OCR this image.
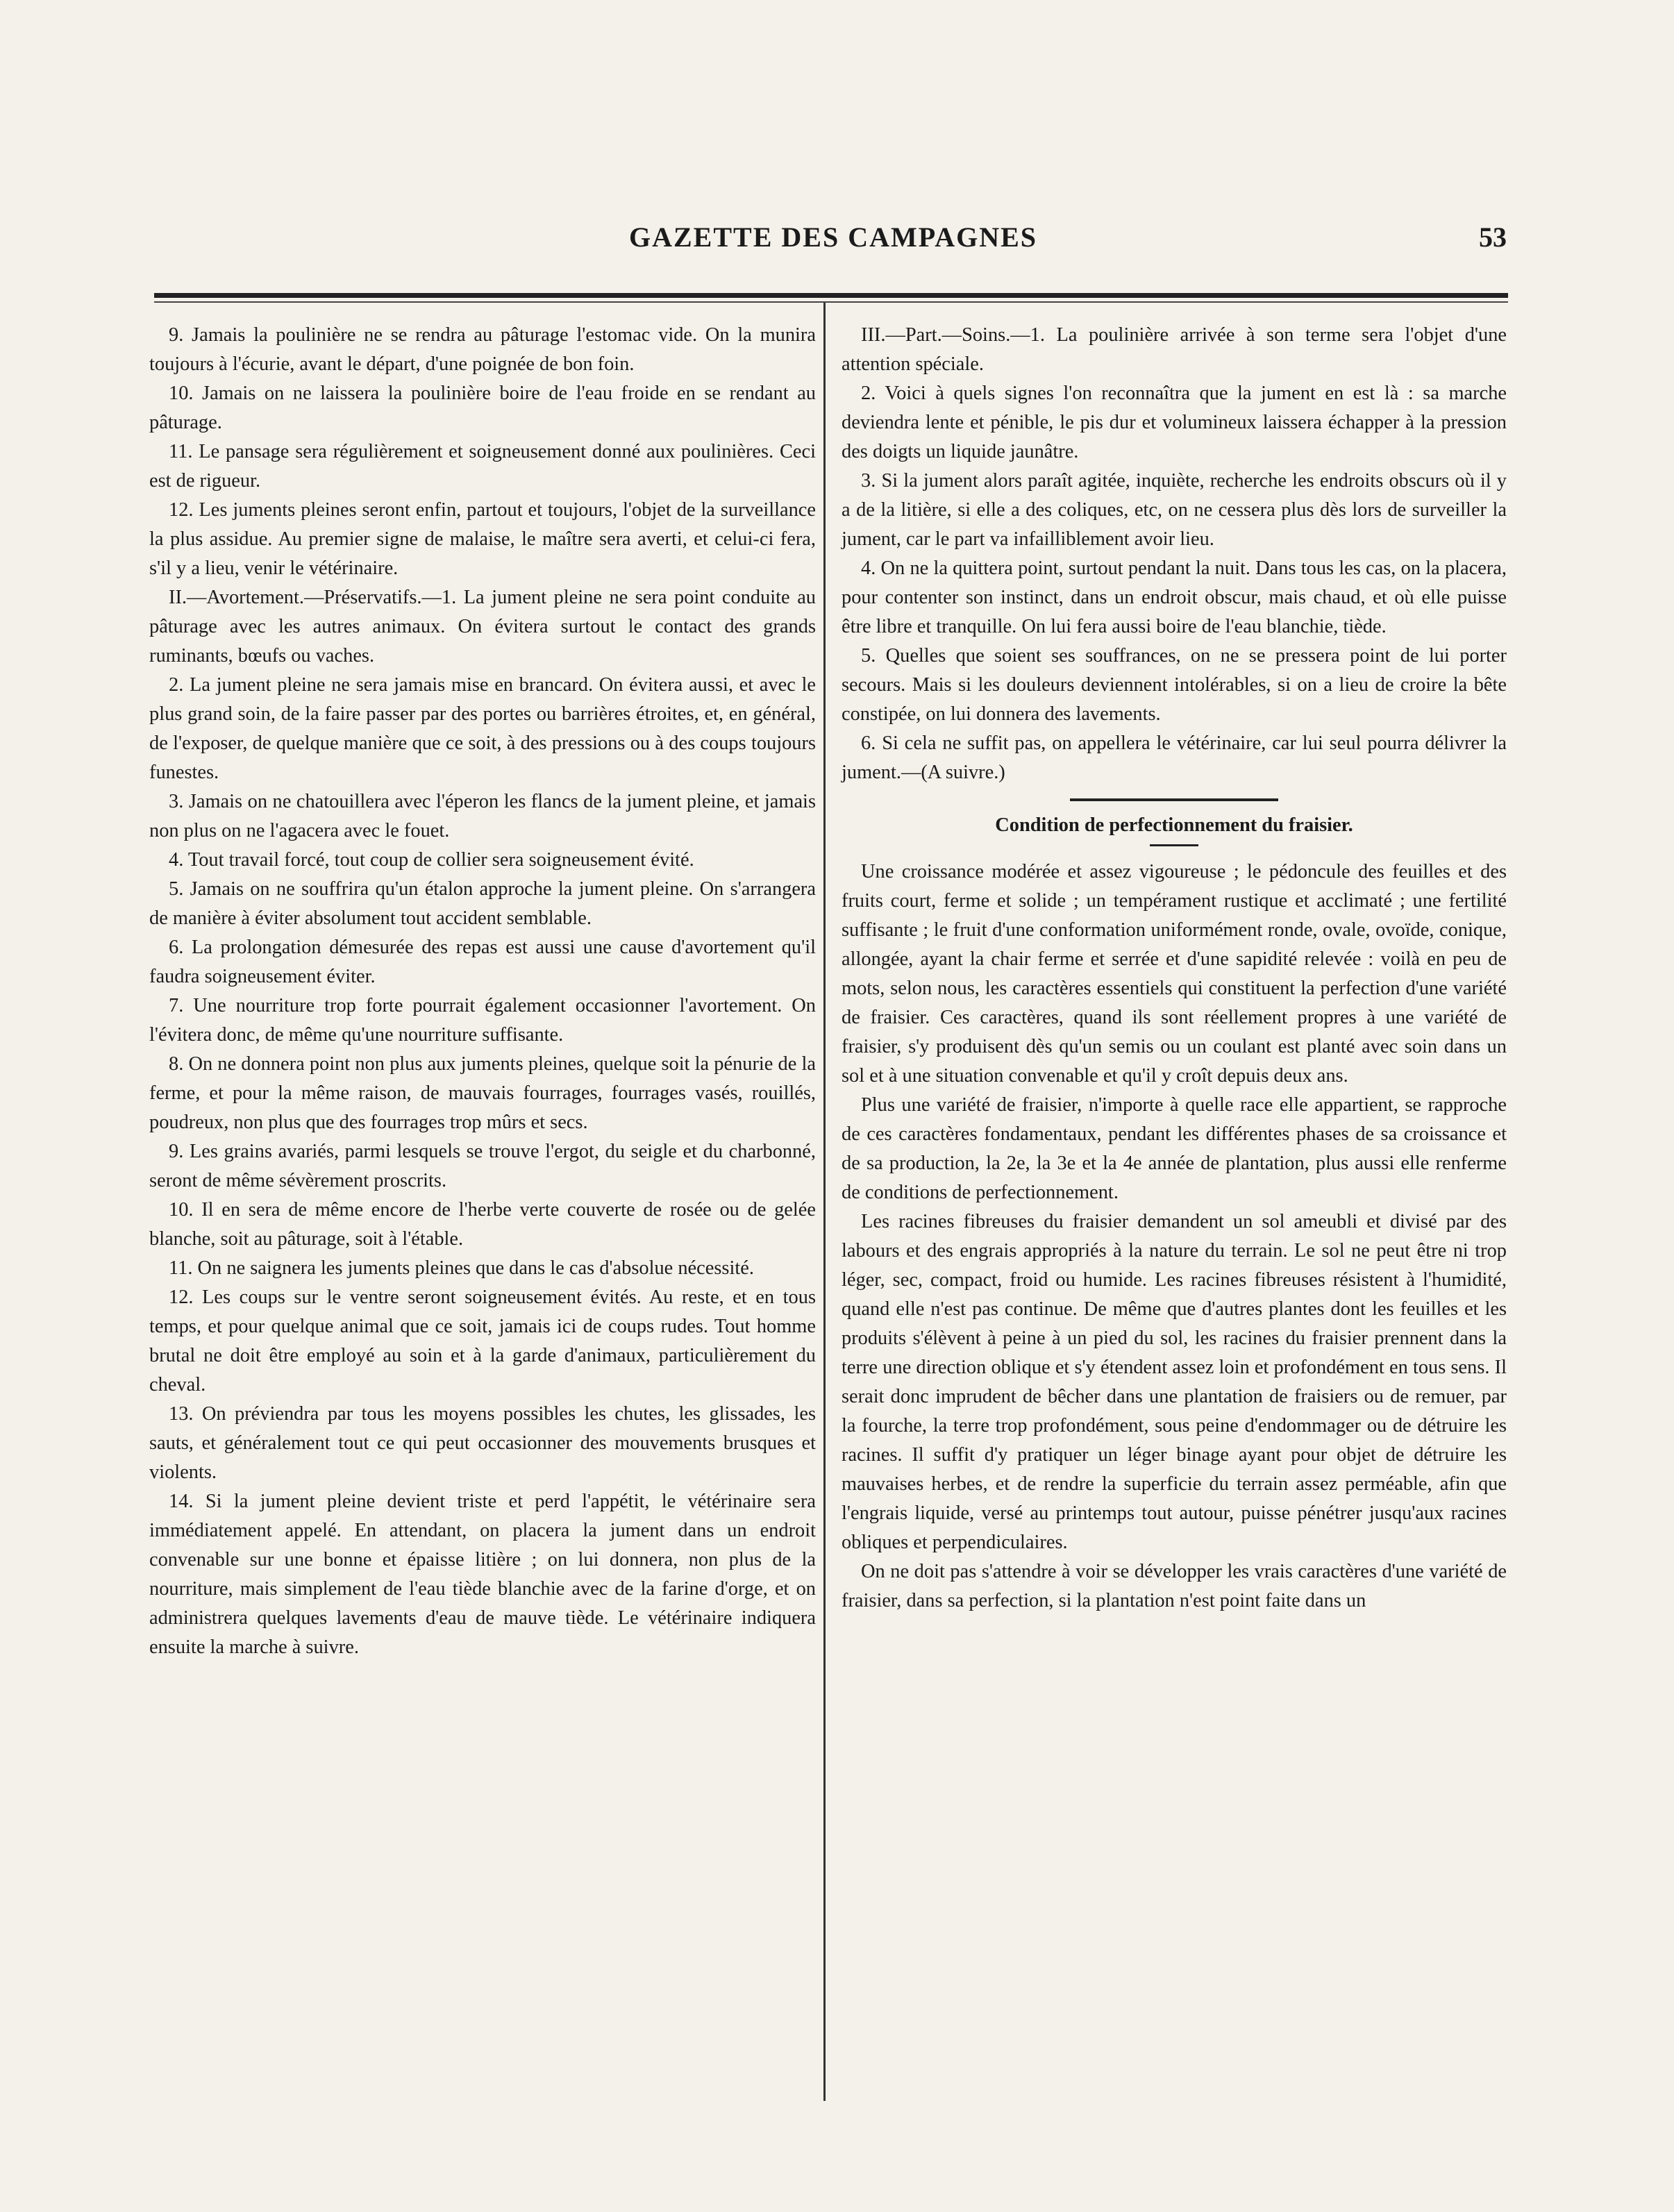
GAZETTE DES CAMPAGNES	53

9. Jamais la poulinière ne se rendra au pâturage l'estomac vide. On la munira toujours à l'écurie, avant le départ, d'une poignée de bon foin.

10. Jamais on ne laissera la poulinière boire de l'eau froide en se rendant au pâturage.

11. Le pansage sera régulièrement et soigneusement donné aux poulinières. Ceci est de rigueur.

12. Les juments pleines seront enfin, partout et toujours, l'objet de la surveillance la plus assidue. Au premier signe de malaise, le maître sera averti, et celui-ci fera, s'il y a lieu, venir le vétérinaire.

II.—Avortement.—Préservatifs.—1. La jument pleine ne sera point conduite au pâturage avec les autres animaux. On évitera surtout le contact des grands ruminants, bœufs ou vaches.

2. La jument pleine ne sera jamais mise en brancard. On évitera aussi, et avec le plus grand soin, de la faire passer par des portes ou barrières étroites, et, en général, de l'exposer, de quelque manière que ce soit, à des pressions ou à des coups toujours funestes.

3. Jamais on ne chatouillera avec l'éperon les flancs de la jument pleine, et jamais non plus on ne l'agacera avec le fouet.

4. Tout travail forcé, tout coup de collier sera soigneusement évité.

5. Jamais on ne souffrira qu'un étalon approche la jument pleine. On s'arrangera de manière à éviter absolument tout accident semblable.

6. La prolongation démesurée des repas est aussi une cause d'avortement qu'il faudra soigneusement éviter.

7. Une nourriture trop forte pourrait également occasionner l'avortement. On l'évitera donc, de même qu'une nourriture suffisante.

8. On ne donnera point non plus aux juments pleines, quelque soit la pénurie de la ferme, et pour la même raison, de mauvais fourrages, fourrages vasés, rouillés, poudreux, non plus que des fourrages trop mûrs et secs.

9. Les grains avariés, parmi lesquels se trouve l'ergot, du seigle et du charbonné, seront de même sévèrement proscrits.

10. Il en sera de même encore de l'herbe verte couverte de rosée ou de gelée blanche, soit au pâturage, soit à l'étable.

11. On ne saignera les juments pleines que dans le cas d'absolue nécessité.

12. Les coups sur le ventre seront soigneusement évités. Au reste, et en tous temps, et pour quelque animal que ce soit, jamais ici de coups rudes. Tout homme brutal ne doit être employé au soin et à la garde d'animaux, particulièrement du cheval.

13. On préviendra par tous les moyens possibles les chutes, les glissades, les sauts, et généralement tout ce qui peut occasionner des mouvements brusques et violents.

14. Si la jument pleine devient triste et perd l'appétit, le vétérinaire sera immédiatement appelé. En attendant, on placera la jument dans un endroit convenable sur une bonne et épaisse litière ; on lui donnera, non plus de la nourriture, mais simplement de l'eau tiède blanchie avec de la farine d'orge, et on administrera quelques lavements d'eau de mauve tiède. Le vétérinaire indiquera ensuite la marche à suivre.

III.—Part.—Soins.—1. La poulinière arrivée à son terme sera l'objet d'une attention spéciale.

2. Voici à quels signes l'on reconnaîtra que la jument en est là : sa marche deviendra lente et pénible, le pis dur et volumineux laissera échapper à la pression des doigts un liquide jaunâtre.

3. Si la jument alors paraît agitée, inquiète, recherche les endroits obscurs où il y a de la litière, si elle a des coliques, etc, on ne cessera plus dès lors de surveiller la jument, car le part va infailliblement avoir lieu.

4. On ne la quittera point, surtout pendant la nuit. Dans tous les cas, on la placera, pour contenter son instinct, dans un endroit obscur, mais chaud, et où elle puisse être libre et tranquille. On lui fera aussi boire de l'eau blanchie, tiède.

5. Quelles que soient ses souffrances, on ne se pressera point de lui porter secours. Mais si les douleurs deviennent intolérables, si on a lieu de croire la bête constipée, on lui donnera des lavements.

6. Si cela ne suffit pas, on appellera le vétérinaire, car lui seul pourra délivrer la jument.—(A suivre.)

Condition de perfectionnement du fraisier.

Une croissance modérée et assez vigoureuse ; le pédoncule des feuilles et des fruits court, ferme et solide ; un tempérament rustique et acclimaté ; une fertilité suffisante ; le fruit d'une conformation uniformément ronde, ovale, ovoïde, conique, allongée, ayant la chair ferme et serrée et d'une sapidité relevée : voilà en peu de mots, selon nous, les caractères essentiels qui constituent la perfection d'une variété de fraisier. Ces caractères, quand ils sont réellement propres à une variété de fraisier, s'y produisent dès qu'un semis ou un coulant est planté avec soin dans un sol et à une situation convenable et qu'il y croît depuis deux ans.

Plus une variété de fraisier, n'importe à quelle race elle appartient, se rapproche de ces caractères fondamentaux, pendant les différentes phases de sa croissance et de sa production, la 2e, la 3e et la 4e année de plantation, plus aussi elle renferme de conditions de perfectionnement.

Les racines fibreuses du fraisier demandent un sol ameubli et divisé par des labours et des engrais appropriés à la nature du terrain. Le sol ne peut être ni trop léger, sec, compact, froid ou humide. Les racines fibreuses résistent à l'humidité, quand elle n'est pas continue. De même que d'autres plantes dont les feuilles et les produits s'élèvent à peine à un pied du sol, les racines du fraisier prennent dans la terre une direction oblique et s'y étendent assez loin et profondément en tous sens. Il serait donc imprudent de bêcher dans une plantation de fraisiers ou de remuer, par la fourche, la terre trop profondément, sous peine d'endommager ou de détruire les racines. Il suffit d'y pratiquer un léger binage ayant pour objet de détruire les mauvaises herbes, et de rendre la superficie du terrain assez perméable, afin que l'engrais liquide, versé au printemps tout autour, puisse pénétrer jusqu'aux racines obliques et perpendiculaires.

On ne doit pas s'attendre à voir se développer les vrais caractères d'une variété de fraisier, dans sa perfection, si la plantation n'est point faite dans un
